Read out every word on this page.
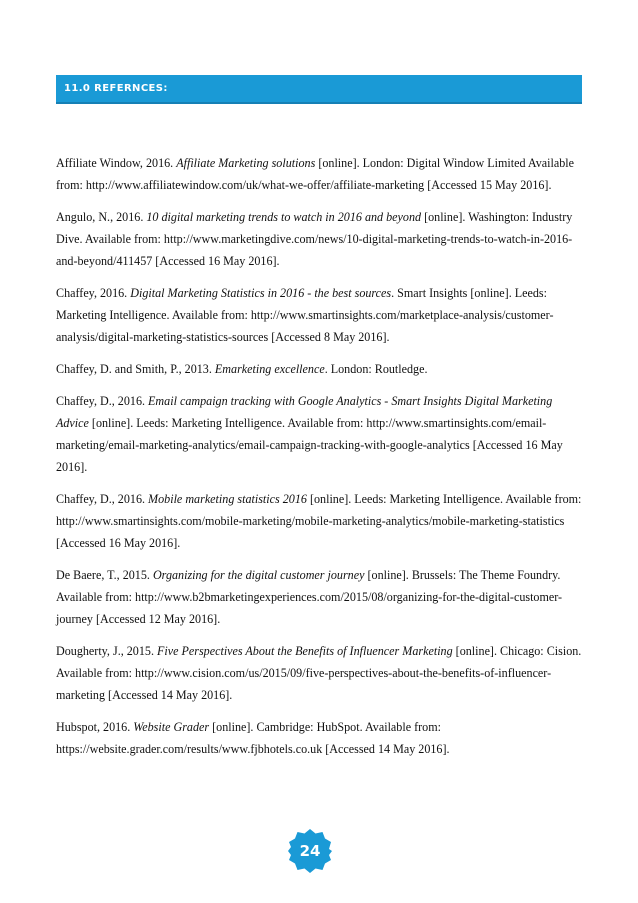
11.0 REFERNCES:

Affiliate Window, 2016. Affiliate Marketing solutions [online]. London: Digital Window Limited Available from: http://www.affiliatewindow.com/uk/what-we-offer/affiliate-marketing [Accessed 15 May 2016].

Angulo, N., 2016. 10 digital marketing trends to watch in 2016 and beyond [online]. Washington: Industry Dive. Available from: http://www.marketingdive.com/news/10-digital-marketing-trends-to-watch-in-2016-and-beyond/411457 [Accessed 16 May 2016].

Chaffey, 2016. Digital Marketing Statistics in 2016 - the best sources. Smart Insights [online]. Leeds: Marketing Intelligence. Available from: http://www.smartinsights.com/marketplace-analysis/customer-analysis/digital-marketing-statistics-sources [Accessed 8 May 2016].

Chaffey, D. and Smith, P., 2013. Emarketing excellence. London: Routledge.

Chaffey, D., 2016. Email campaign tracking with Google Analytics - Smart Insights Digital Marketing Advice [online]. Leeds: Marketing Intelligence. Available from: http://www.smartinsights.com/email-marketing/email-marketing-analytics/email-campaign-tracking-with-google-analytics [Accessed 16 May 2016].

Chaffey, D., 2016. Mobile marketing statistics 2016 [online]. Leeds: Marketing Intelligence. Available from: http://www.smartinsights.com/mobile-marketing/mobile-marketing-analytics/mobile-marketing-statistics [Accessed 16 May 2016].

De Baere, T., 2015. Organizing for the digital customer journey [online]. Brussels: The Theme Foundry. Available from: http://www.b2bmarketingexperiences.com/2015/08/organizing-for-the-digital-customer-journey [Accessed 12 May 2016].

Dougherty, J., 2015. Five Perspectives About the Benefits of Influencer Marketing [online]. Chicago: Cision. Available from: http://www.cision.com/us/2015/09/five-perspectives-about-the-benefits-of-influencer-marketing [Accessed 14 May 2016].

Hubspot, 2016. Website Grader [online]. Cambridge: HubSpot. Available from: https://website.grader.com/results/www.fjbhotels.co.uk [Accessed 14 May 2016].

24
